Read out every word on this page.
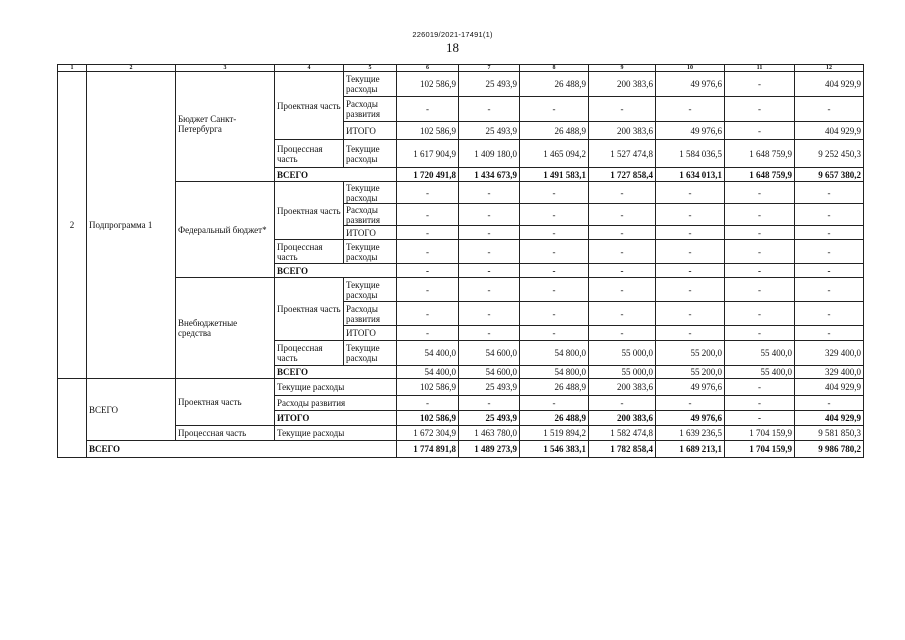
226019/2021-17491(1)
18
1	2	3	4	5	6	7	8	9	10	11	12
2	Подпрограмма 1	Бюджет Санкт-Петербурга	Проектная часть	Текущие расходы	102 586,9	25 493,9	26 488,9	200 383,6	49 976,6	-	404 929,9
				Расходы развития	-	-	-	-	-	-	-
				ИТОГО	102 586,9	25 493,9	26 488,9	200 383,6	49 976,6	-	404 929,9
			Процессная часть	Текущие расходы	1 617 904,9	1 409 180,0	1 465 094,2	1 527 474,8	1 584 036,5	1 648 759,9	9 252 450,3
			ВСЕГО		1 720 491,8	1 434 673,9	1 491 583,1	1 727 858,4	1 634 013,1	1 648 759,9	9 657 380,2
		Федеральный бюджет*	Проектная часть	Текущие расходы	-	-	-	-	-	-	-
				Расходы развития	-	-	-	-	-	-	-
				ИТОГО	-	-	-	-	-	-	-
			Процессная часть	Текущие расходы	-	-	-	-	-	-	-
			ВСЕГО		-	-	-	-	-	-	-
		Внебюджетные средства	Проектная часть	Текущие расходы	-	-	-	-	-	-	-
				Расходы развития	-	-	-	-	-	-	-
				ИТОГО	-	-	-	-	-	-	-
			Процессная часть	Текущие расходы	54 400,0	54 600,0	54 800,0	55 000,0	55 200,0	55 400,0	329 400,0
			ВСЕГО		54 400,0	54 600,0	54 800,0	55 000,0	55 200,0	55 400,0	329 400,0
	ВСЕГО	Проектная часть	Текущие расходы		102 586,9	25 493,9	26 488,9	200 383,6	49 976,6	-	404 929,9
			Расходы развития		-	-	-	-	-	-	-
			ИТОГО		102 586,9	25 493,9	26 488,9	200 383,6	49 976,6	-	404 929,9
		Процессная часть	Текущие расходы		1 672 304,9	1 463 780,0	1 519 894,2	1 582 474,8	1 639 236,5	1 704 159,9	9 581 850,3
	ВСЕГО				1 774 891,8	1 489 273,9	1 546 383,1	1 782 858,4	1 689 213,1	1 704 159,9	9 986 780,2
